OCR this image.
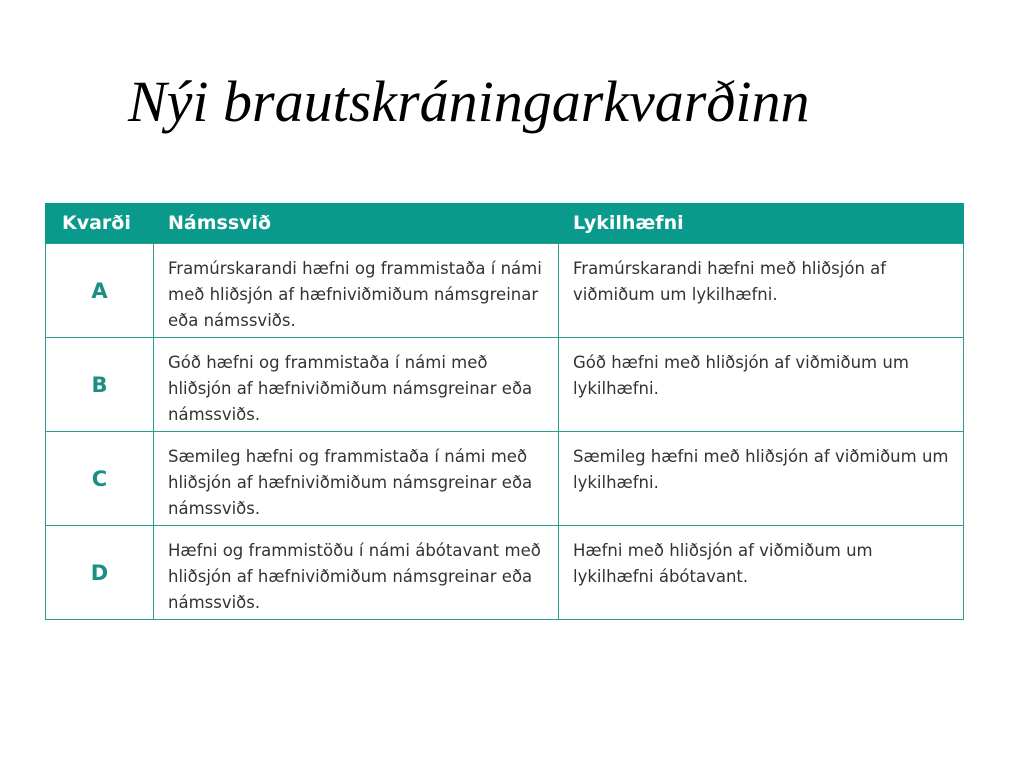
Nýi brautskráningarkvarðinn
Kvarði	Námssvið	Lykilhæfni
A	Framúrskarandi hæfni og frammistaða í námi með hliðsjón af hæfniviðmiðum námsgreinar eða námssviðs.	Framúrskarandi hæfni með hliðsjón af viðmiðum um lykilhæfni.
B	Góð hæfni og frammistaða í námi með hliðsjón af hæfniviðmiðum námsgreinar eða námssviðs.	Góð hæfni með hliðsjón af viðmiðum um lykilhæfni.
C	Sæmileg hæfni og frammistaða í námi með hliðsjón af hæfniviðmiðum námsgreinar eða námssviðs.	Sæmileg hæfni með hliðsjón af viðmiðum um lykilhæfni.
D	Hæfni og frammistöðu í námi ábótavant með hliðsjón af hæfniviðmiðum námsgreinar eða námssviðs.	Hæfni með hliðsjón af viðmiðum um lykilhæfni ábótavant.
